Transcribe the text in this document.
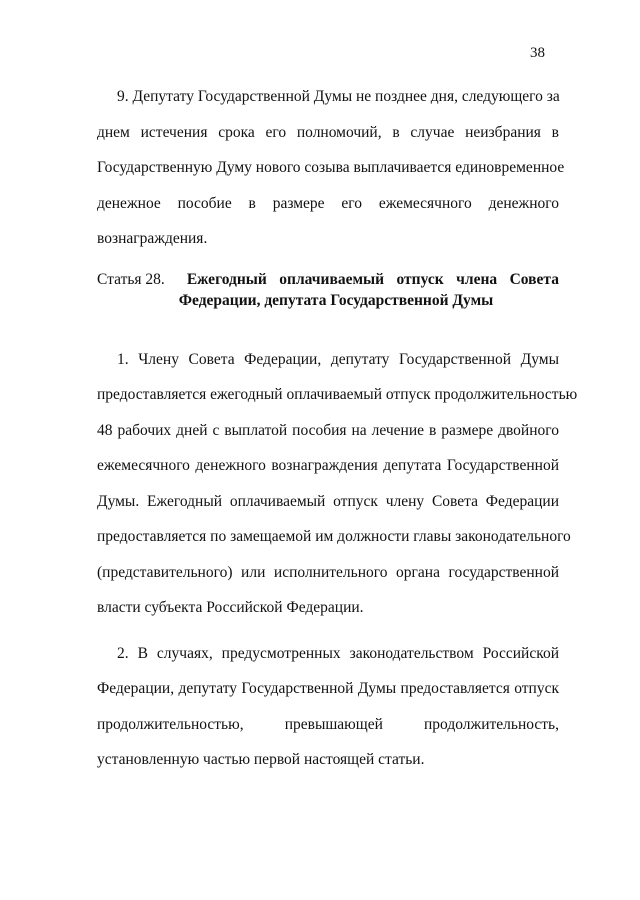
38

9. Депутату Государственной Думы не позднее дня, следующего за

днем истечения срока его полномочий, в случае неизбрания в

Государственную Думу нового созыва выплачивается единовременное

денежное пособие в размере его ежемесячного денежного

вознаграждения.

Статья 28. Ежегодный оплачиваемый отпуск члена Совета
Федерации, депутата Государственной Думы

1. Члену Совета Федерации, депутату Государственной Думы

предоставляется ежегодный оплачиваемый отпуск продолжительностью

48 рабочих дней с выплатой пособия на лечение в размере двойного

ежемесячного денежного вознаграждения депутата Государственной

Думы. Ежегодный оплачиваемый отпуск члену Совета Федерации

предоставляется по замещаемой им должности главы законодательного

(представительного) или исполнительного органа государственной

власти субъекта Российской Федерации.

2. В случаях, предусмотренных законодательством Российской

Федерации, депутату Государственной Думы предоставляется отпуск

продолжительностью, превышающей продолжительность,

установленную частью первой настоящей статьи.
